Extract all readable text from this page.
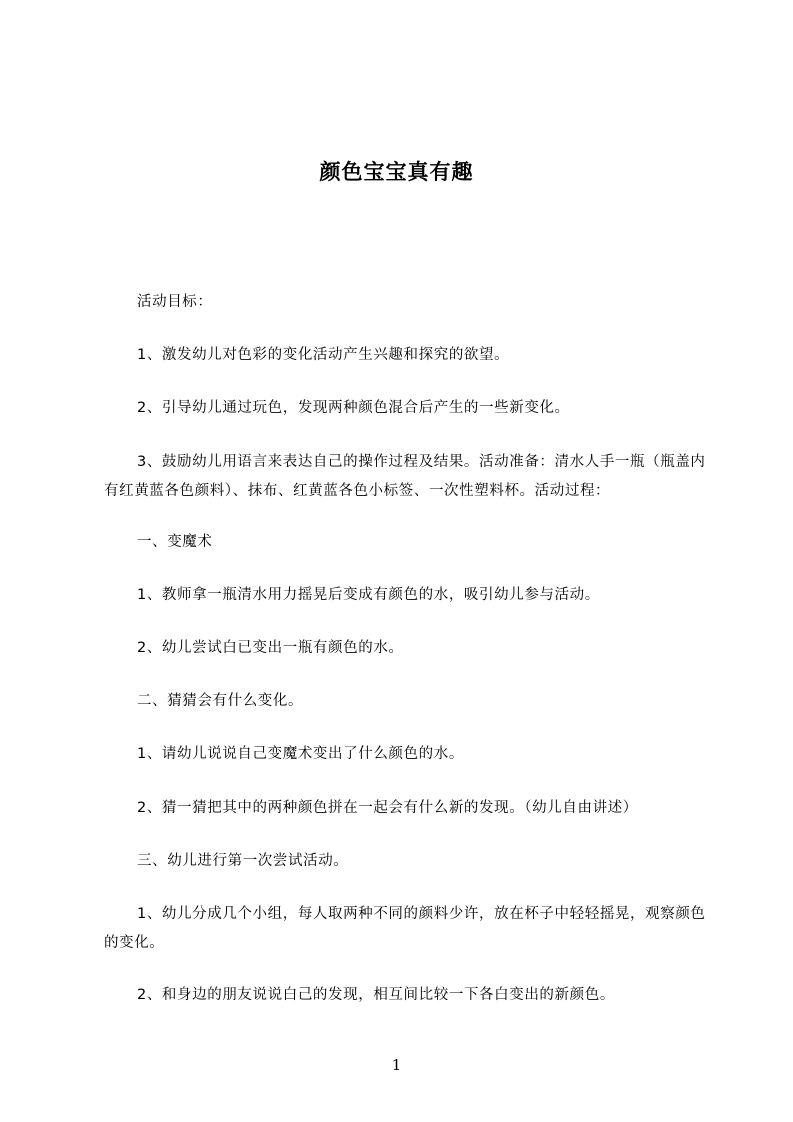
颜色宝宝真有趣

活动目标：

1、激发幼儿对色彩的变化活动产生兴趣和探究的欲望。

2、引导幼儿通过玩色，发现两种颜色混合后产生的一些新变化。

3、鼓励幼儿用语言来表达自己的操作过程及结果。活动准备：清水人手一瓶（瓶盖内有红黄蓝各色颜料）、抹布、红黄蓝各色小标签、一次性塑料杯。活动过程：

一、变魔术

1、教师拿一瓶清水用力摇晃后变成有颜色的水，吸引幼儿参与活动。

2、幼儿尝试白已变出一瓶有颜色的水。

二、猜猜会有什么变化。

1、请幼儿说说自己变魔术变出了什么颜色的水。

2、猜一猜把其中的两种颜色拼在一起会有什么新的发现。（幼儿自由讲述）

三、幼儿进行第一次尝试活动。

1、幼儿分成几个小组，每人取两种不同的颜料少许，放在杯子中轻轻摇晃，观察颜色的变化。

2、和身边的朋友说说白己的发现，相互间比较一下各白变出的新颜色。

1
